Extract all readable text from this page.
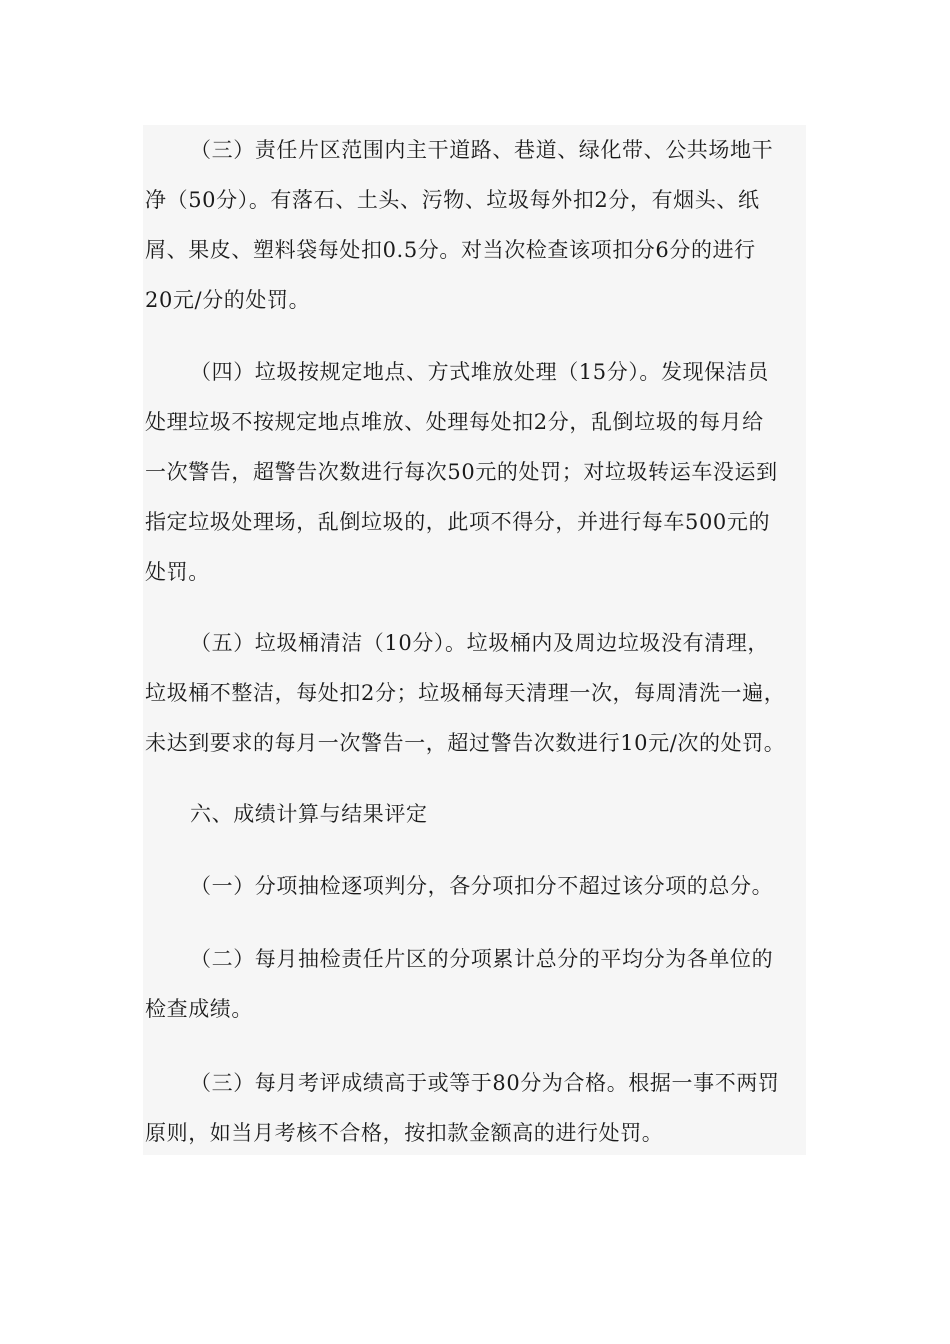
（三）责任片区范围内主干道路、巷道、绿化带、公共场地干
净（50分）。有落石、土头、污物、垃圾每外扣2分，有烟头、纸
屑、果皮、塑料袋每处扣0.5分。对当次检查该项扣分6分的进行
20元/分的处罚。
（四）垃圾按规定地点、方式堆放处理（15分）。发现保洁员
处理垃圾不按规定地点堆放、处理每处扣2分，乱倒垃圾的每月给
一次警告，超警告次数进行每次50元的处罚；对垃圾转运车没运到
指定垃圾处理场，乱倒垃圾的，此项不得分，并进行每车500元的
处罚。
（五）垃圾桶清洁（10分）。垃圾桶内及周边垃圾没有清理，
垃圾桶不整洁，每处扣2分；垃圾桶每天清理一次，每周清洗一遍，
未达到要求的每月一次警告一，超过警告次数进行10元/次的处罚。
六、成绩计算与结果评定
（一）分项抽检逐项判分，各分项扣分不超过该分项的总分。
（二）每月抽检责任片区的分项累计总分的平均分为各单位的
检查成绩。
（三）每月考评成绩高于或等于80分为合格。根据一事不两罚
原则，如当月考核不合格，按扣款金额高的进行处罚。
